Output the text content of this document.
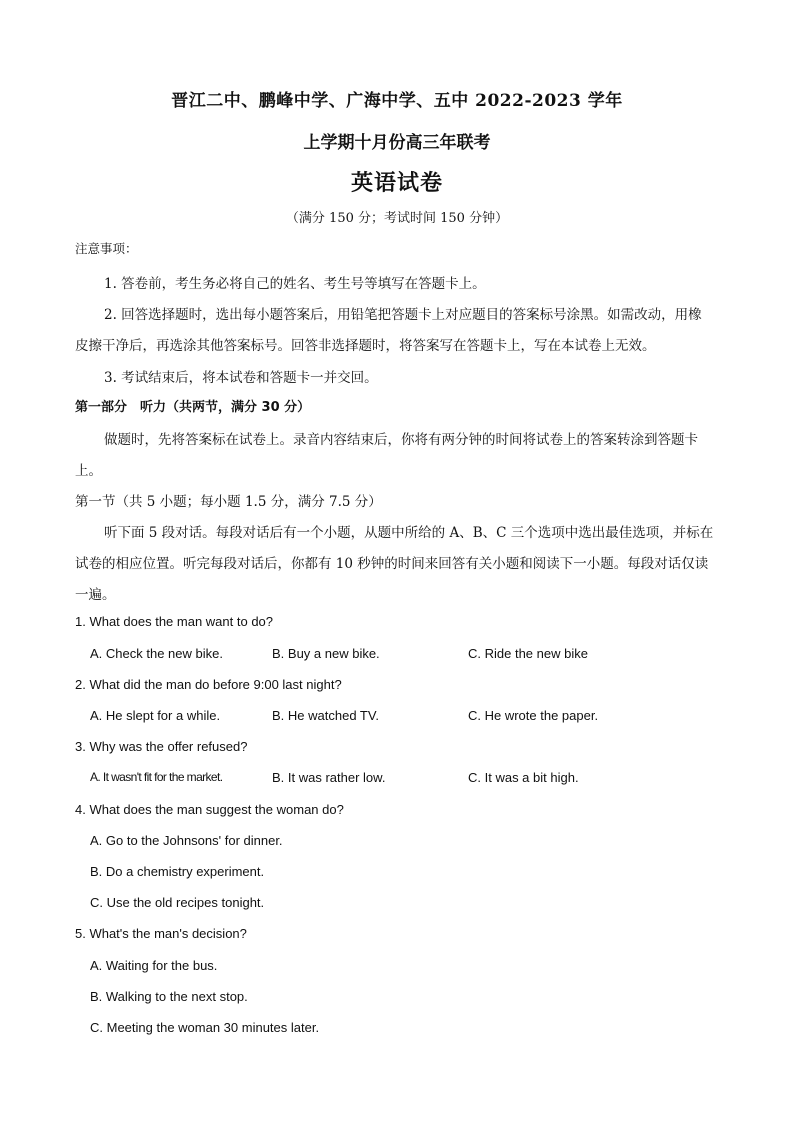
晋江二中、鹏峰中学、广海中学、五中 2022-2023 学年
上学期十月份高三年联考
英语试卷
（满分 150 分；考试时间 150 分钟）
注意事项：
1. 答卷前，考生务必将自己的姓名、考生号等填写在答题卡上。
2. 回答选择题时，选出每小题答案后，用铅笔把答题卡上对应题目的答案标号涂黑。如需改动，用橡
皮擦干净后，再选涂其他答案标号。回答非选择题时，将答案写在答题卡上，写在本试卷上无效。
3. 考试结束后，将本试卷和答题卡一并交回。
第一部分　听力（共两节，满分 30 分）
做题时，先将答案标在试卷上。录音内容结束后，你将有两分钟的时间将试卷上的答案转涂到答题卡
上。
第一节（共 5 小题；每小题 1.5 分，满分 7.5 分）
听下面 5 段对话。每段对话后有一个小题，从题中所给的 A、B、C 三个选项中选出最佳选项，并标在
试卷的相应位置。听完每段对话后，你都有 10 秒钟的时间来回答有关小题和阅读下一小题。每段对话仅读
一遍。
1. What does the man want to do?
A. Check the new bike.	B. Buy a new bike.	C. Ride the new bike
2. What did the man do before 9:00 last night?
A. He slept for a while.	B. He watched TV.	C. He wrote the paper.
3. Why was the offer refused?
A. It wasn't fit for the market.	B. It was rather low.	C. It was a bit high.
4. What does the man suggest the woman do?
A. Go to the Johnsons' for dinner.
B. Do a chemistry experiment.
C. Use the old recipes tonight.
5. What's the man's decision?
A. Waiting for the bus.
B. Walking to the next stop.
C. Meeting the woman 30 minutes later.
